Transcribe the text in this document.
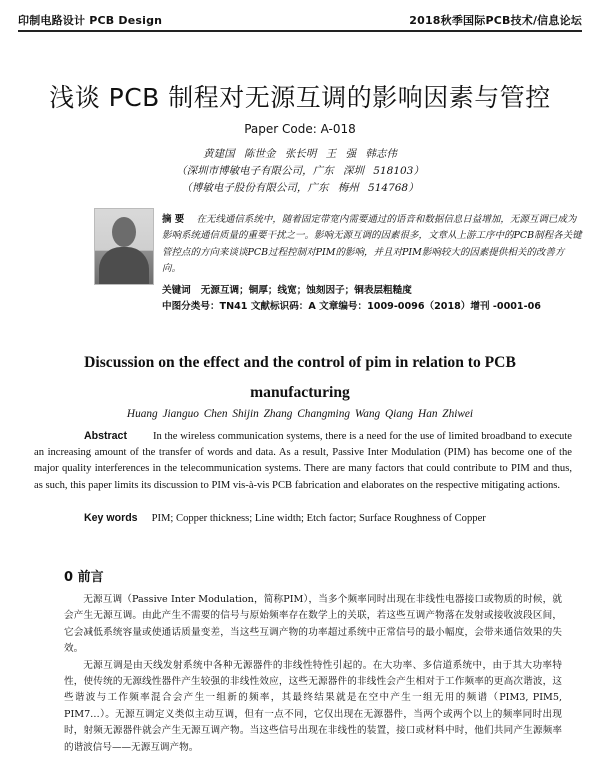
印制电路设计 PCB Design	2018秋季国际PCB技术/信息论坛
浅谈 PCB 制程对无源互调的影响因素与管控
Paper Code: A-018
黄建国 陈世金 张长明 王 强 韩志伟
（深圳市博敏电子有限公司，广东 深圳 518103）
（博敏电子股份有限公司，广东 梅州 514768）
摘 要 在无线通信系统中，随着固定带宽内需要通过的语音和数据信息日益增加，无源互调已成为影响系统通信质量的重要干扰之一。影响无源互调的因素很多，文章从上游工序中的PCB制程各关键管控点的方向来谈谈PCB过程控制对PIM的影响，并且对PIM影响较大的因素提供相关的改善方向。
关键词 无源互调；铜厚；线宽；蚀刻因子；铜表层粗糙度
中图分类号：TN41 文献标识码：A 文章编号：1009-0096（2018）增刊 -0001-06
Discussion on the effect and the control of pim in relation to PCB manufacturing
Huang Jianguo Chen Shijin Zhang Changming Wang Qiang Han Zhiwei
Abstract In the wireless communication systems, there is a need for the use of limited broadband to execute an increasing amount of the transfer of words and data. As a result, Passive Inter Modulation (PIM) has become one of the major quality interferences in the telecommunication systems. There are many factors that could contribute to PIM and thus, as such, this paper limits its discussion to PIM vis-à-vis PCB fabrication and elaborates on the respective mitigating actions.
Key words PIM; Copper thickness; Line width; Etch factor; Surface Roughness of Copper
0 前言

无源互调（Passive Inter Modulation，简称PIM），当多个频率同时出现在非线性电器接口或物质的时候，就会产生无源互调。由此产生不需要的信号与原始频率存在数学上的关联，若这些互调产物落在发射或接收波段区间，它会减低系统容量或使通话质量变差，当这些互调产物的功率超过系统中正常信号的最小幅度，会带来通信效果的失效。

无源互调是由天线发射系统中各种无源器件的非线性特性引起的。在大功率、多信道系统中，由于其大功率特性，使传统的无源线性器件产生较强的非线性效应，这些无源器件的非线性会产生相对于工作频率的更高次谐波，这些谐波与工作频率混合会产生一组新的频率，其最终结果就是在空中产生一组无用的频谱（PIM3, PIM5, PIM7…）。无源互调定义类似主动互调，但有一点不同，它仅出现在无源器件，当两个或两个以上的频率同时出现时，射频无源器件就会产生无源互调产物。当这些信号出现在非线性的装置，接口或材料中时，他们共同产生源频率的谐波信号——无源互调产物。
